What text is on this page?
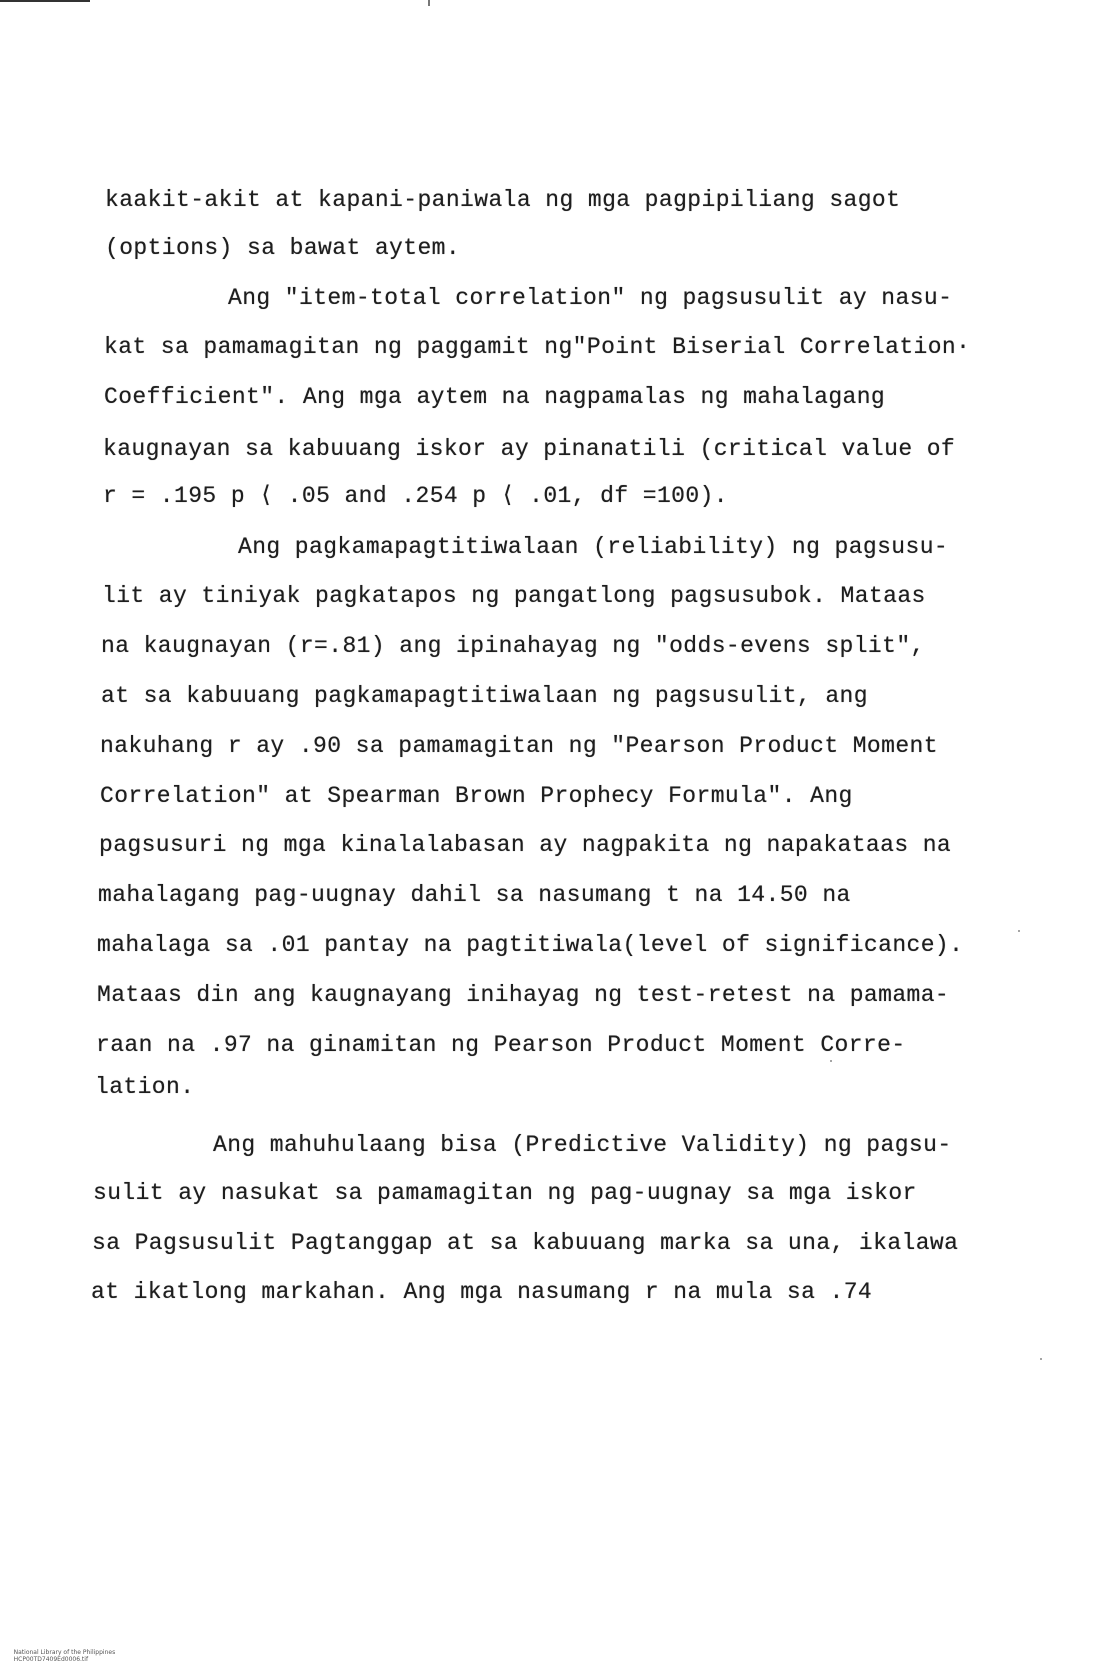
kaakit-akit at kapani-paniwala ng mga pagpipiliang sagot
(options) sa bawat aytem.
Ang "item-total correlation" ng pagsusulit ay nasu-
kat sa pamamagitan ng paggamit ng"Point Biserial Correlation·
Coefficient". Ang mga aytem na nagpamalas ng mahalagang
kaugnayan sa kabuuang iskor ay pinanatili (critical value of
r = .195 p ⟨ .05 and .254 p ⟨ .01, df =100).
Ang pagkamapagtitiwalaan (reliability) ng pagsusu-
lit ay tiniyak pagkatapos ng pangatlong pagsusubok. Mataas
na kaugnayan (r=.81) ang ipinahayag ng "odds-evens split",
at sa kabuuang pagkamapagtitiwalaan ng pagsusulit, ang
nakuhang r ay .90 sa pamamagitan ng "Pearson Product Moment
Correlation" at Spearman Brown Prophecy Formula". Ang
pagsusuri ng mga kinalalabasan ay nagpakita ng napakataas na
mahalagang pag-uugnay dahil sa nasumang t na 14.50 na
mahalaga sa .01 pantay na pagtitiwala(level of significance).
Mataas din ang kaugnayang inihayag ng test-retest na pamama-
raan na .97 na ginamitan ng Pearson Product Moment Corre-
lation.
Ang mahuhulaang bisa (Predictive Validity) ng pagsu-
sulit ay nasukat sa pamamagitan ng pag-uugnay sa mga iskor
sa Pagsusulit Pagtanggap at sa kabuuang marka sa una, ikalawa
at ikatlong markahan. Ang mga nasumang r na mula sa .74

National Library of the Philippines
HCP00TD7409Ed0006.tif
